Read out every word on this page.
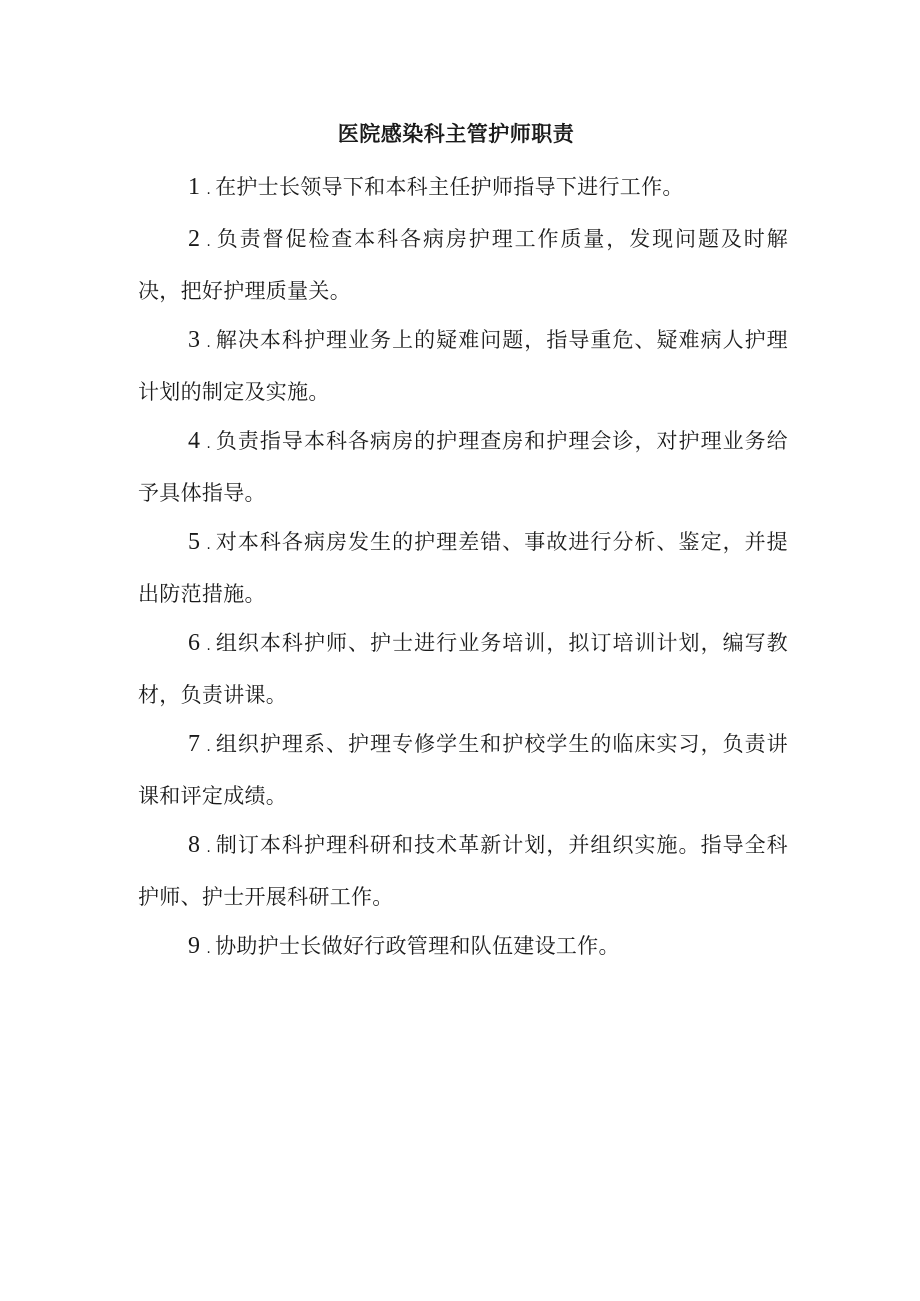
医院感染科主管护师职责

1 . 在护士长领导下和本科主任护师指导下进行工作。

2 . 负责督促检查本科各病房护理工作质量，发现问题及时解决，把好护理质量关。

3 . 解决本科护理业务上的疑难问题，指导重危、疑难病人护理计划的制定及实施。

4 . 负责指导本科各病房的护理查房和护理会诊，对护理业务给予具体指导。

5 . 对本科各病房发生的护理差错、事故进行分析、鉴定，并提出防范措施。

6 . 组织本科护师、护士进行业务培训，拟订培训计划，编写教材，负责讲课。

7 . 组织护理系、护理专修学生和护校学生的临床实习，负责讲课和评定成绩。

8 . 制订本科护理科研和技术革新计划，并组织实施。指导全科护师、护士开展科研工作。

9 . 协助护士长做好行政管理和队伍建设工作。
